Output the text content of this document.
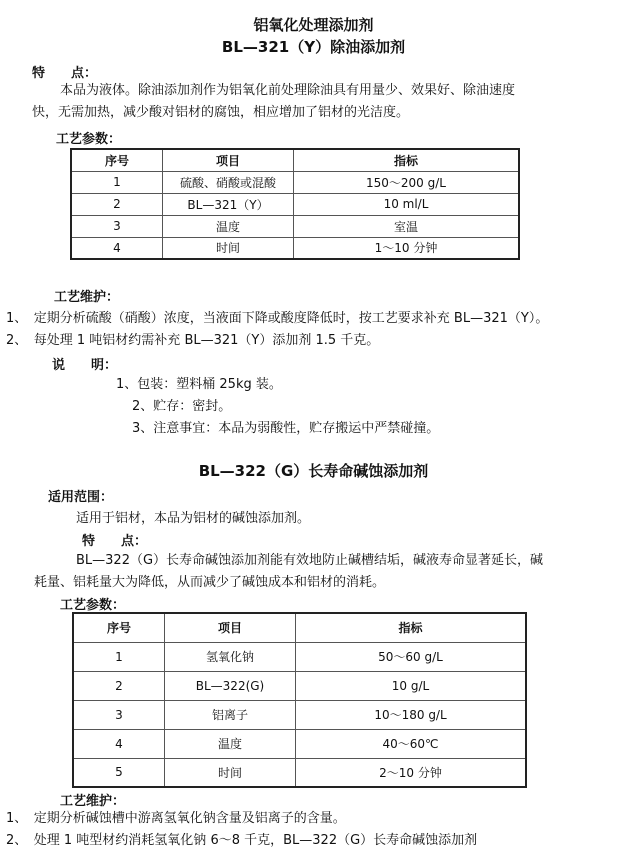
铝氧化处理添加剂
BL—321（Y）除油添加剂
特　　点：
本品为液体。除油添加剂作为铝氧化前处理除油具有用量少、效果好、除油速度
快，无需加热，减少酸对铝材的腐蚀，相应增加了铝材的光洁度。
工艺参数：
序号	项目	指标
1	硫酸、硝酸或混酸	150～200 g/L
2	BL—321（Y）	10 ml/L
3	温度	室温
4	时间	1～10 分钟
工艺维护：
1、　定期分析硫酸（硝酸）浓度，当液面下降或酸度降低时，按工艺要求补充 BL—321（Y）。
2、　每处理 1 吨铝材约需补充 BL—321（Y）添加剂 1.5 千克。
说　　明：
1、包装：塑料桶 25kg 装。
2、贮存：密封。
3、注意事宜：本品为弱酸性，贮存搬运中严禁碰撞。
BL—322（G）长寿命碱蚀添加剂
适用范围：
适用于铝材，本品为铝材的碱蚀添加剂。
特　　点：
BL—322（G）长寿命碱蚀添加剂能有效地防止碱槽结垢，碱液寿命显著延长，碱
耗量、铝耗量大为降低，从而减少了碱蚀成本和铝材的消耗。
工艺参数：
序号	项目	指标
1	氢氧化钠	50～60 g/L
2	BL—322(G)	10 g/L
3	铝离子	10～180 g/L
4	温度	40～60℃
5	时间	2～10 分钟
工艺维护：
1、　定期分析碱蚀槽中游离氢氧化钠含量及铝离子的含量。
2、　处理 1 吨型材约消耗氢氧化钠 6～8 千克，BL—322（G）长寿命碱蚀添加剂
